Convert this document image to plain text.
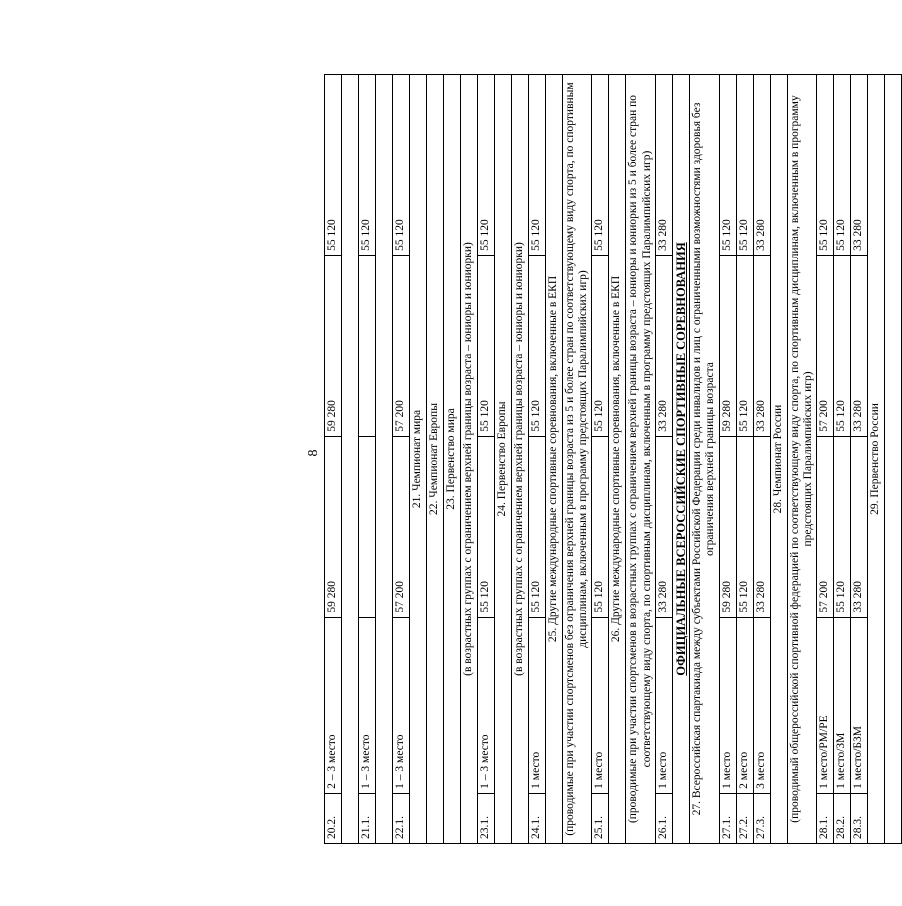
8
20.2.	2 – 3 место	59 280	59 280	55 120

21.1.	1 – 3 место			55 120

22.1.	1 – 3 место	57 200	57 200	55 120
21. Чемпионат мира				
22. Чемпионат Европы				
23. Первенство мира				
(в возрастных группах с ограничением верхней границы возраста – юниоры и юниорки)				
23.1.	1 – 3 место	55 120	55 120	55 120
24. Первенство Европы				
(в возрастных группах с ограничением верхней границы возраста – юниоры и юниорки)				
24.1.	1 место	55 120	55 120	55 120
25. Другие международные спортивные соревнования, включенные в ЕКП				
(проводимые при участии спортсменов без ограничения верхней границы возраста из 5 и более стран по соответствующему виду спорта, по спортивным дисциплинам, включенным в программу предстоящих Паралимпийских игр)				
25.1.	1 место	55 120	55 120	55 120
26. Другие международные спортивные соревнования, включенные в ЕКП				
(проводимые при участии спортсменов в возрастных группах с ограничением верхней границы возраста – юниоры и юниорки из 5 и более стран по соответствующему виду спорта, по спортивным дисциплинам, включенным в программу предстоящих Паралимпийских игр)				
26.1.	1 место	33 280	33 280	33 280
ОФИЦИАЛЬНЫЕ ВСЕРОССИЙСКИЕ СПОРТИВНЫЕ СОРЕВНОВАНИЯ				
27. Всероссийская спартакиада между субъектами Российской Федерации среди инвалидов и лиц с ограниченными возможностями здоровья без ограничения верхней границы возраста				
27.1.	1 место	59 280	59 280	55 120
27.2.	2 место	55 120	55 120	55 120
27.3.	3 место	33 280	33 280	33 280
28. Чемпионат России				
(проводимый общероссийской спортивной федерацией по соответствующему виду спорта, по спортивным дисциплинам, включенным в программу предстоящих Паралимпийских игр)				
28.1.	1 место/РМ/РЕ	57 200	57 200	55 120
28.2.	1 место/ЗМ	55 120	55 120	55 120
28.3.	1 место/БЗМ	33 280	33 280	33 280
29. Первенство России				
